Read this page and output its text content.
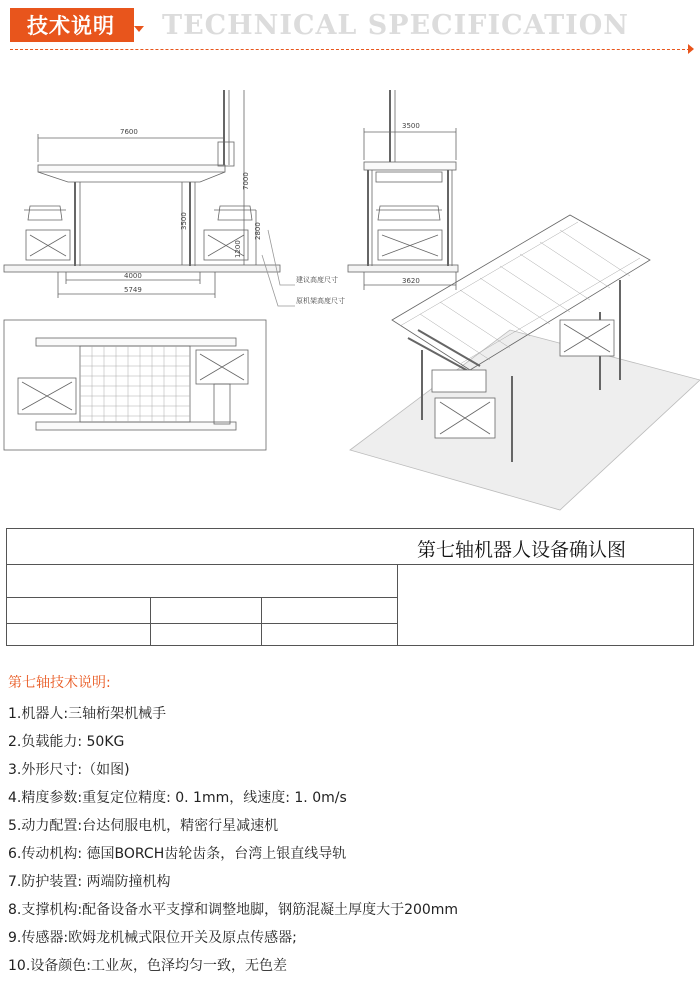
技术说明	TECHNICAL SPECIFICATION
7600
7000
3500
2800
1200
4000
5749
建议高度尺寸
原机架高度尺寸
3500
3620
第七轴机器人设备确认图
第七轴技术说明:

1.机器人:三轴桁架机械手

2.负载能力: 50KG

3.外形尺寸:（如图)

4.精度参数:重复定位精度: 0. 1mm，线速度: 1. 0m/s

5.动力配置:台达伺服电机，精密行星减速机

6.传动机构: 德国BORCH齿轮齿条，台湾上银直线导轨

7.防护装置: 两端防撞机构

8.支撑机构:配备设备水平支撑和调整地脚，钢筋混凝土厚度大于200mm

9.传感器:欧姆龙机械式限位开关及原点传感器;

10.设备颜色:工业灰，色泽均匀一致，无色差
